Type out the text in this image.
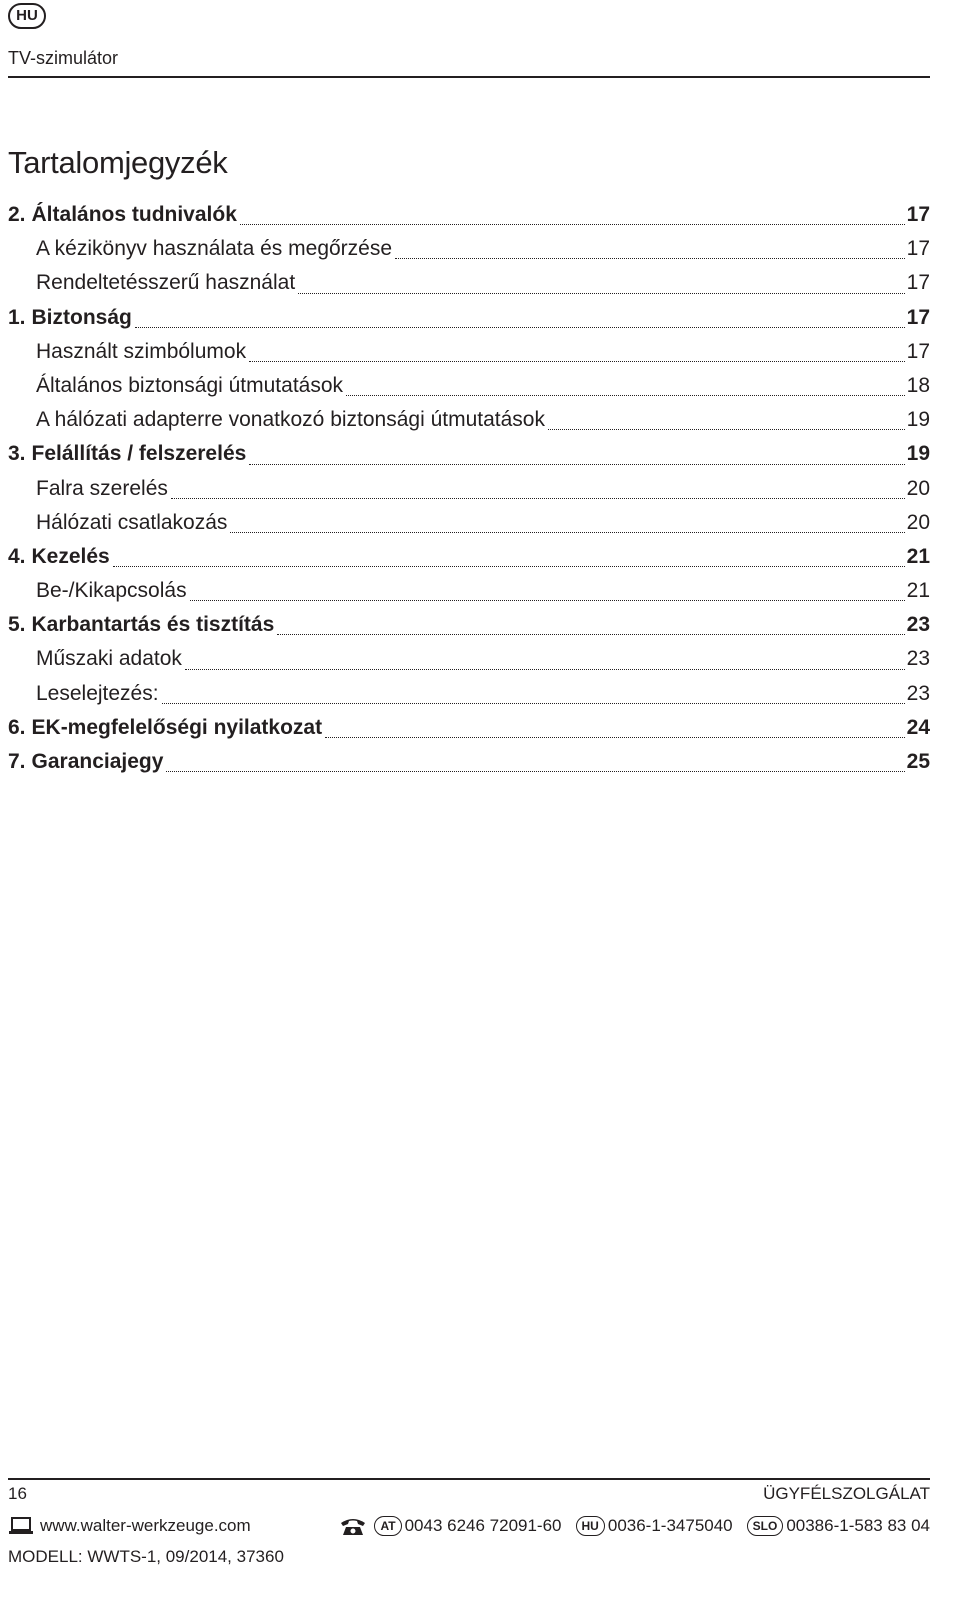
HU
TV-szimulátor
Tartalomjegyzék
2. Általános tudnivalók	17
A kézikönyv használata és megőrzése	17
Rendeltetésszerű használat	17
1. Biztonság	17
Használt szimbólumok	17
Általános biztonsági útmutatások	18
A hálózati adapterre vonatkozó biztonsági útmutatások	19
3. Felállítás / felszerelés	19
Falra szerelés	20
Hálózati csatlakozás	20
4. Kezelés	21
Be-/Kikapcsolás	21
5. Karbantartás és tisztítás	23
Műszaki adatok	23
Leselejtezés:	23
6. EK-megfelelőségi nyilatkozat	24
7. Garanciajegy	25
16	ÜGYFÉLSZOLGÁLAT
www.walter-werkzeuge.com	AT 0043 6246 72091-60	HU 0036-1-3475040	SLO 00386-1-583 83 04
MODELL: WWTS-1, 09/2014, 37360
